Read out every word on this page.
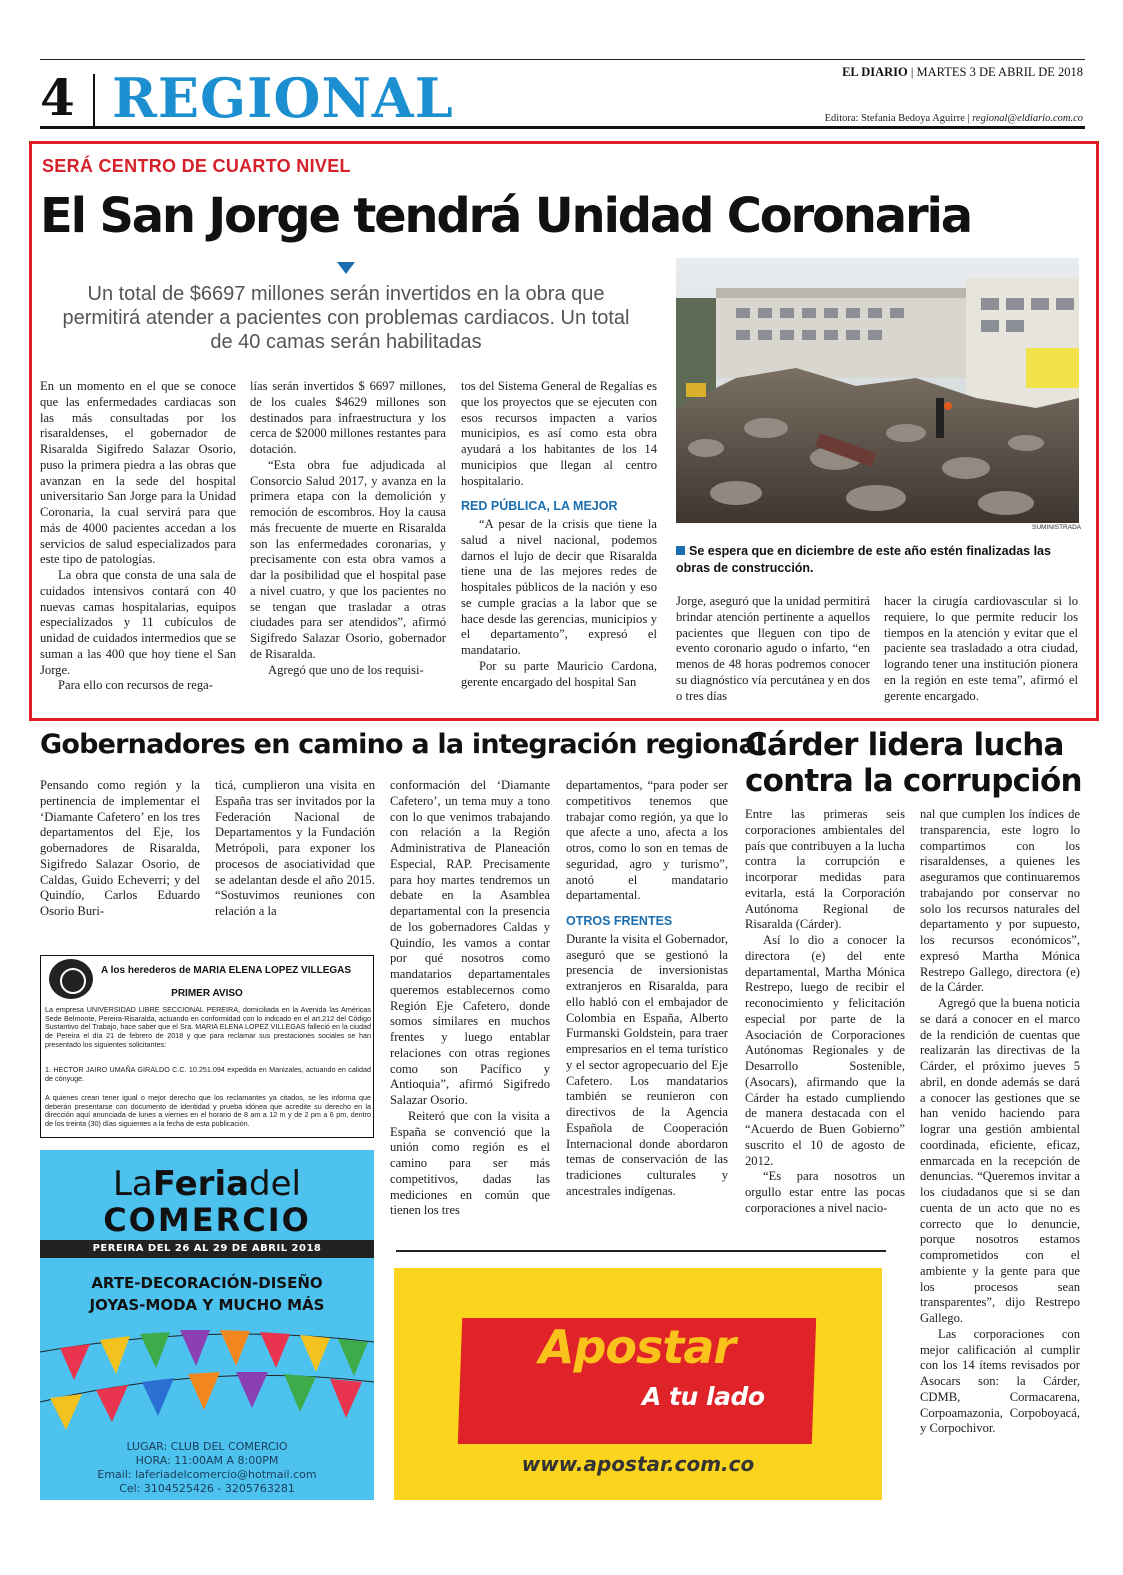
4 REGIONAL	EL DIARIO | MARTES 3 DE ABRIL DE 2018
Editora: Stefania Bedoya Aguirre | regional@eldiario.com.co
SERÁ CENTRO DE CUARTO NIVEL
El San Jorge tendrá Unidad Coronaria
Un total de $6697 millones serán invertidos en la obra que permitirá atender a pacientes con problemas cardiacos. Un total de 40 camas serán habilitadas

En un momento en el que se conoce que las enfermedades cardiacas son las más consultadas por los risaraldenses, el gobernador de Risaralda Sigifredo Salazar Osorio, puso la primera piedra a las obras que avanzan en la sede del hospital universitario San Jorge para la Unidad Coronaria, la cual servirá para que más de 4000 pacientes accedan a los servicios de salud especializados para este tipo de patologías.

La obra que consta de una sala de cuidados intensivos contará con 40 nuevas camas hospitalarias, equipos especializados y 11 cubículos de unidad de cuidados intermedios que se suman a las 400 que hoy tiene el San Jorge.

Para ello con recursos de rega-

lías serán invertidos $ 6697 millones, de los cuales $4629 millones son destinados para infraestructura y los cerca de $2000 millones restantes para dotación.

“Esta obra fue adjudicada al Consorcio Salud 2017, y avanza en la primera etapa con la demolición y remoción de escombros. Hoy la causa más frecuente de muerte en Risaralda son las enfermedades coronarias, y precisamente con esta obra vamos a dar la posibilidad que el hospital pase a nivel cuatro, y que los pacientes no se tengan que trasladar a otras ciudades para ser atendidos”, afirmó Sigifredo Salazar Osorio, gobernador de Risaralda.

Agregó que uno de los requisi-

tos del Sistema General de Regalías es que los proyectos que se ejecuten con esos recursos impacten a varios municipios, es así como esta obra ayudará a los habitantes de los 14 municipios que llegan al centro hospitalario.

RED PÚBLICA, LA MEJOR

“A pesar de la crisis que tiene la salud a nivel nacional, podemos darnos el lujo de decir que Risaralda tiene una de las mejores redes de hospitales públicos de la nación y eso se cumple gracias a la labor que se hace desde las gerencias, municipios y el departamento”, expresó el mandatario.

Por su parte Mauricio Cardona, gerente encargado del hospital San

SUMINISTRADA
Se espera que en diciembre de este año estén finalizadas las obras de construcción.

Jorge, aseguró que la unidad permitirá brindar atención pertinente a aquellos pacientes que lleguen con tipo de evento coronario agudo o infarto, “en menos de 48 horas podremos conocer su diagnóstico vía percutánea y en dos o tres días

hacer la cirugía cardiovascular si lo requiere, lo que permite reducir los tiempos en la atención y evitar que el paciente sea trasladado a otra ciudad, logrando tener una institución pionera en la región en este tema”, afirmó el gerente encargado.

Gobernadores en camino a la integración regional

Pensando como región y la pertinencia de implementar el ‘Diamante Cafetero’ en los tres departamentos del Eje, los gobernadores de Risaralda, Sigifredo Salazar Osorio, de Caldas, Guido Echeverri; y del Quindío, Carlos Eduardo Osorio Buri-

ticá, cumplieron una visita en España tras ser invitados por la Federación Nacional de Departamentos y la Fundación Metrópoli, para exponer los procesos de asociatividad que se adelantan desde el año 2015. “Sostuvimos reuniones con relación a la

conformación del ‘Diamante Cafetero’, un tema muy a tono con lo que venimos trabajando con relación a la Región Administrativa de Planeación Especial, RAP. Precisamente para hoy martes tendremos un debate en la Asamblea departamental con la presencia de los gobernadores Caldas y Quindío, les vamos a contar por qué nosotros como mandatarios departamentales queremos establecernos como Región Eje Cafetero, donde somos similares en muchos frentes y luego entablar relaciones con otras regiones como son Pacífico y Antioquia”, afirmó Sigifredo Salazar Osorio.

Reiteró que con la visita a España se convenció que la unión como región es el camino para ser más competitivos, dadas las mediciones en común que tienen los tres

departamentos, “para poder ser competitivos tenemos que trabajar como región, ya que lo que afecte a uno, afecta a los otros, como lo son en temas de seguridad, agro y turismo”, anotó el mandatario departamental.

OTROS FRENTES

Durante la visita el Gobernador, aseguró que se gestionó la presencia de inversionistas extranjeros en Risaralda, para ello habló con el embajador de Colombia en España, Alberto Furmanski Goldstein, para traer empresarios en el tema turístico y el sector agropecuario del Eje Cafetero. Los mandatarios también se reunieron con directivos de la Agencia Española de Cooperación Internacional donde abordaron temas de conservación de las tradiciones culturales y ancestrales indígenas.

Cárder lidera lucha
contra la corrupción

Entre las primeras seis corporaciones ambientales del país que contribuyen a la lucha contra la corrupción e incorporar medidas para evitarla, está la Corporación Autónoma Regional de Risaralda (Cárder).

Así lo dio a conocer la directora (e) del ente departamental, Martha Mónica Restrepo, luego de recibir el reconocimiento y felicitación especial por parte de la Asociación de Corporaciones Autónomas Regionales y de Desarrollo Sostenible, (Asocars), afirmando que la Cárder ha estado cumpliendo de manera destacada con el “Acuerdo de Buen Gobierno” suscrito el 10 de agosto de 2012.

“Es para nosotros un orgullo estar entre las pocas corporaciones a nivel nacio-

nal que cumplen los índices de transparencia, este logro lo compartimos con los risaraldenses, a quienes les aseguramos que continuaremos trabajando por conservar no solo los recursos naturales del departamento y por supuesto, los recursos económicos”, expresó Martha Mónica Restrepo Gallego, directora (e) de la Cárder.

Agregó que la buena noticia se dará a conocer en el marco de la rendición de cuentas que realizarán las directivas de la Cárder, el próximo jueves 5 abril, en donde además se dará a conocer las gestiones que se han venido haciendo para lograr una gestión ambiental coordinada, eficiente, eficaz, enmarcada en la recepción de denuncias. “Queremos invitar a los ciudadanos que si se dan cuenta de un acto que no es correcto que lo denuncie, porque nosotros estamos comprometidos con el ambiente y la gente para que los procesos sean transparentes”, dijo Restrepo Gallego.

Las corporaciones con mejor calificación al cumplir con los 14 ítems revisados por Asocars son: la Cárder, CDMB, Cormacarena, Corpoamazonia, Corpoboyacá, y Corpochivor.

A los herederos de MARIA ELENA LOPEZ VILLEGAS
PRIMER AVISO
La empresa UNIVERSIDAD LIBRE SECCIONAL PEREIRA, domiciliada en la Avenida las Américas Sede Belmonte, Pereira-Risaralda, actuando en conformidad con lo indicado en el art.212 del Código Sustantivo del Trabajo, hace saber que el Sra. MARIA ELENA LOPEZ VILLEGAS falleció en la ciudad de Pereira el día 21 de febrero de 2018 y que para reclamar sus prestaciones sociales se han presentado los siguientes solicitantes:
1. HECTOR JAIRO UMAÑA GIRALDO C.C. 10.251.094 expedida en Manizales, actuando en calidad de cónyuge.
A quienes crean tener igual o mejor derecho que los reclamantes ya citados, se les informa que deberán presentarse con documento de identidad y prueba idónea que acredite su derecho en la dirección aquí anunciada de lunes a viernes en el horario de 8 am a 12 m y de 2 pm a 6 pm, dentro de los treinta (30) días siguientes a la fecha de esta publicación.
LaFeriadel
COMERCIO
PEREIRA DEL 26 AL 29 DE ABRIL 2018
ARTE-DECORACIÓN-DISEÑO
JOYAS-MODA Y MUCHO MÁS
LUGAR: CLUB DEL COMERCIO
HORA: 11:00AM A 8:00PM
Email: laferiadelcomercio@hotmail.com
Cel: 3104525426 - 3205763281
Apostar
A tu lado
www.apostar.com.co
